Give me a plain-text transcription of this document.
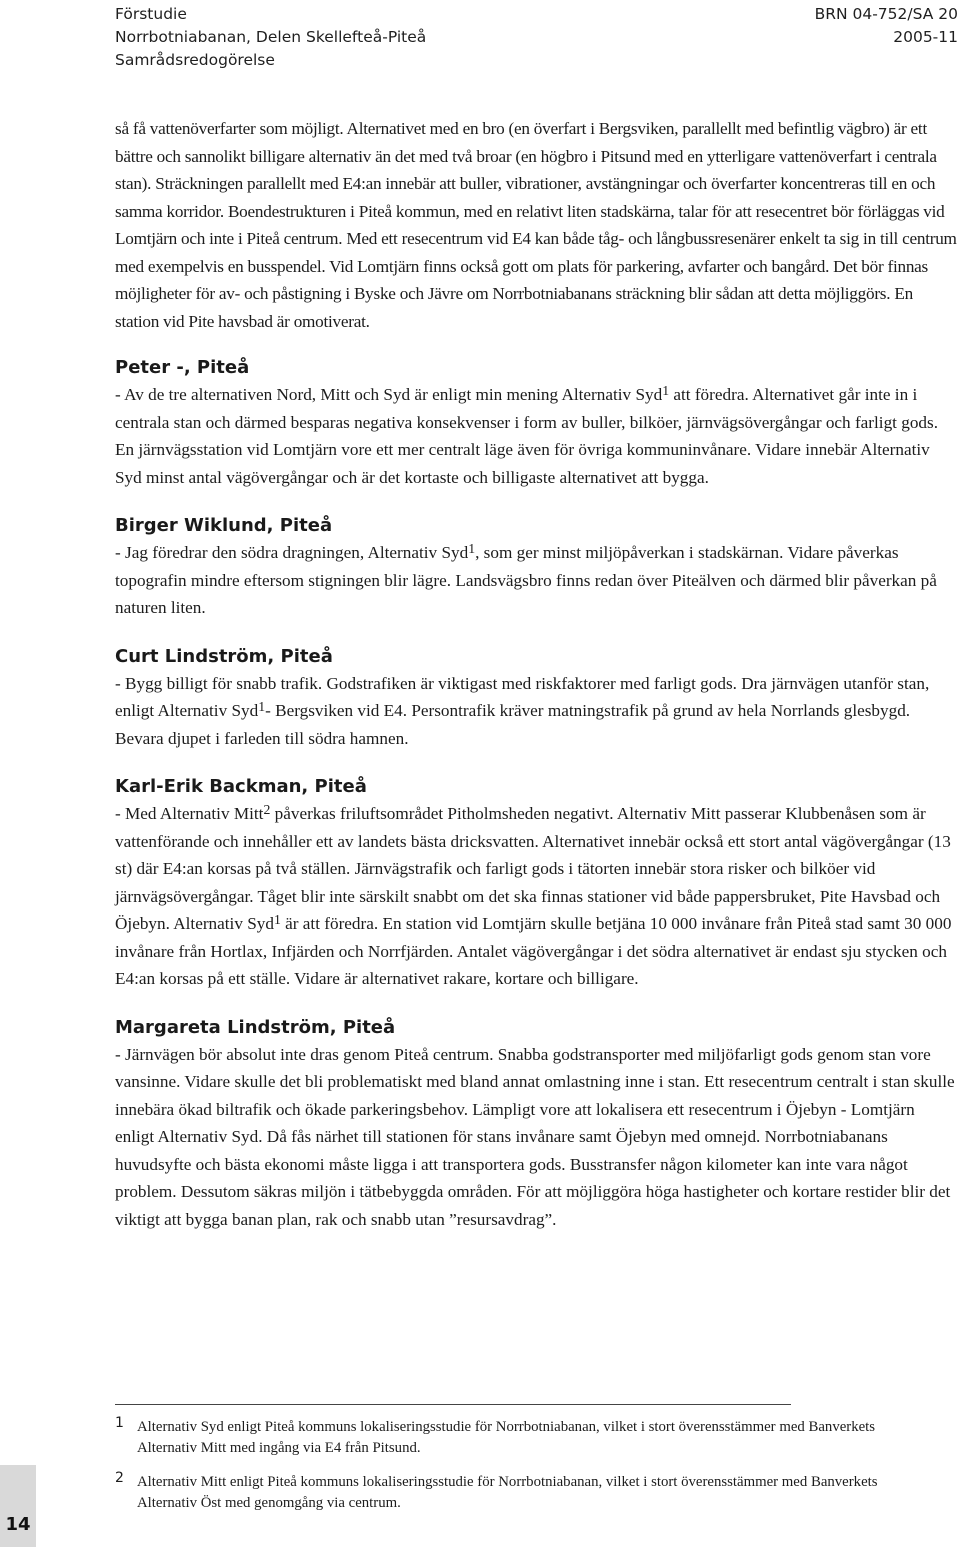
Förstudie
Norrbotniabanan, Delen Skellefteå-Piteå
Samrådsredogörelse
BRN 04-752/SA 20
2005-11

så få vattenöverfarter som möjligt. Alternativet med en bro (en överfart i Bergsviken, parallellt med befintlig vägbro) är ett bättre och sannolikt billigare alternativ än det med två broar (en högbro i Pitsund med en ytterligare vattenöverfart i centrala stan). Sträckningen parallellt med E4:an innebär att buller, vibrationer, avstängningar och överfarter koncentreras till en och samma korridor. Boendestrukturen i Piteå kommun, med en relativt liten stadskärna, talar för att resecentret bör förläggas vid Lomtjärn och inte i Piteå centrum. Med ett resecentrum vid E4 kan både tåg- och långbussresenärer enkelt ta sig in till centrum med exempelvis en busspendel. Vid Lomtjärn finns också gott om plats för parkering, avfarter och bangård. Det bör finnas möjligheter för av- och påstigning i Byske och Jävre om Norrbotniabanans sträckning blir sådan att detta möjliggörs. En station vid Pite havsbad är omotiverat.

Peter -, Piteå

- Av de tre alternativen Nord, Mitt och Syd är enligt min mening Alternativ Syd$^1$ att föredra. Alternativet går inte in i centrala stan och därmed besparas negativa konsekvenser i form av buller, bilköer, järnvägsövergångar och farligt gods. En järnvägsstation vid Lomtjärn vore ett mer centralt läge även för övriga kommuninvånare. Vidare innebär Alternativ Syd minst antal vägövergångar och är det kortaste och billigaste alternativet att bygga.

Birger Wiklund, Piteå

- Jag föredrar den södra dragningen, Alternativ Syd$^1$, som ger minst miljöpåverkan i stadskärnan. Vidare påverkas topografin mindre eftersom stigningen blir lägre. Landsvägsbro finns redan över Piteälven och därmed blir påverkan på naturen liten.

Curt Lindström, Piteå

- Bygg billigt för snabb trafik. Godstrafiken är viktigast med riskfaktorer med farligt gods. Dra järnvägen utanför stan, enligt Alternativ Syd$^1$- Bergsviken vid E4. Persontrafik kräver matningstrafik på grund av hela Norrlands glesbygd. Bevara djupet i farleden till södra hamnen.

Karl-Erik Backman, Piteå

- Med Alternativ Mitt$^2$ påverkas friluftsområdet Pitholmsheden negativt. Alternativ Mitt passerar Klubbenåsen som är vattenförande och innehåller ett av landets bästa dricksvatten. Alternativet innebär också ett stort antal vägövergångar (13 st) där E4:an korsas på två ställen. Järnvägstrafik och farligt gods i tätorten innebär stora risker och bilköer vid järnvägsövergångar. Tåget blir inte särskilt snabbt om det ska finnas stationer vid både pappersbruket, Pite Havsbad och Öjebyn. Alternativ Syd$^1$ är att föredra. En station vid Lomtjärn skulle betjäna 10 000 invånare från Piteå stad samt 30 000 invånare från Hortlax, Infjärden och Norrfjärden. Antalet vägövergångar i det södra alternativet är endast sju stycken och E4:an korsas på ett ställe. Vidare är alternativet rakare, kortare och billigare.

Margareta Lindström, Piteå

- Järnvägen bör absolut inte dras genom Piteå centrum. Snabba godstransporter med miljöfarligt gods genom stan vore vansinne. Vidare skulle det bli problematiskt med bland annat omlastning inne i stan. Ett resecentrum centralt i stan skulle innebära ökad biltrafik och ökade parkeringsbehov. Lämpligt vore att lokalisera ett resecentrum i Öjebyn - Lomtjärn enligt Alternativ Syd. Då fås närhet till stationen för stans invånare samt Öjebyn med omnejd. Norrbotniabanans huvudsyfte och bästa ekonomi måste ligga i att transportera gods. Busstransfer någon kilometer kan inte vara något problem. Dessutom säkras miljön i tätbebyggda områden. För att möjliggöra höga hastigheter och kortare restider blir det viktigt att bygga banan plan, rak och snabb utan ”resursavdrag”.

1 Alternativ Syd enligt Piteå kommuns lokaliseringsstudie för Norrbotniabanan, vilket i stort överensstämmer med Banverkets Alternativ Mitt med ingång via E4 från Pitsund.
2 Alternativ Mitt enligt Piteå kommuns lokaliseringsstudie för Norrbotniabanan, vilket i stort överensstämmer med Banverkets Alternativ Öst med genomgång via centrum.
14
